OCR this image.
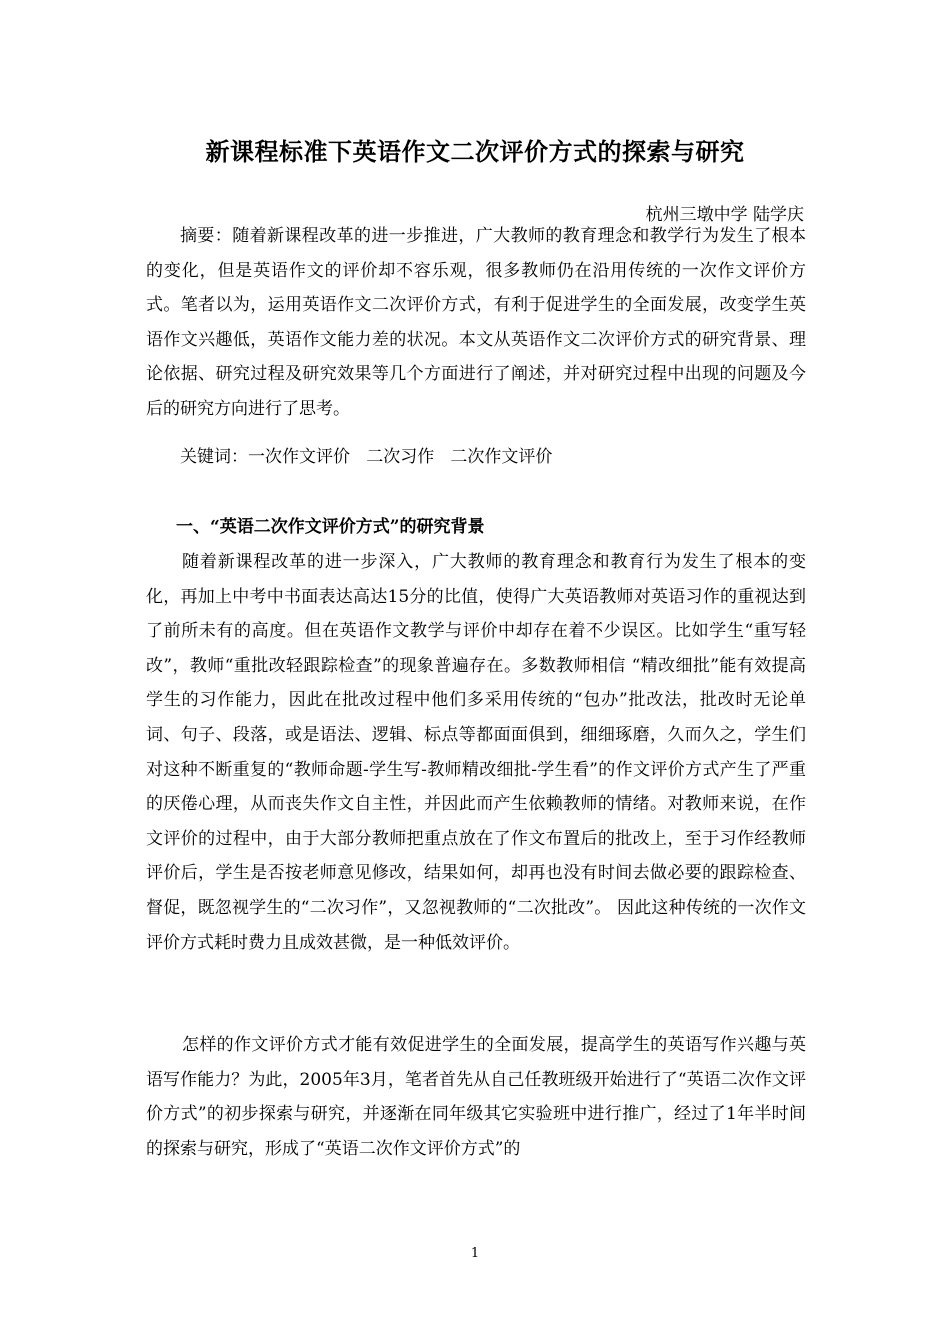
新课程标准下英语作文二次评价方式的探索与研究
杭州三墩中学 陆学庆
摘要：随着新课程改革的进一步推进，广大教师的教育理念和教学行为发生了根本的变化，但是英语作文的评价却不容乐观，很多教师仍在沿用传统的一次作文评价方式。笔者以为，运用英语作文二次评价方式，有利于促进学生的全面发展，改变学生英语作文兴趣低，英语作文能力差的状况。本文从英语作文二次评价方式的研究背景、理论依据、研究过程及研究效果等几个方面进行了阐述，并对研究过程中出现的问题及今后的研究方向进行了思考。
关键词：一次作文评价   二次习作   二次作文评价
一、“英语二次作文评价方式”的研究背景
随着新课程改革的进一步深入，广大教师的教育理念和教育行为发生了根本的变化，再加上中考中书面表达高达15分的比值，使得广大英语教师对英语习作的重视达到了前所未有的高度。但在英语作文教学与评价中却存在着不少误区。比如学生“重写轻改”，教师“重批改轻跟踪检查”的现象普遍存在。多数教师相信 “精改细批”能有效提高学生的习作能力，因此在批改过程中他们多采用传统的“包办”批改法，批改时无论单词、句子、段落，或是语法、逻辑、标点等都面面俱到，细细琢磨，久而久之，学生们对这种不断重复的“教师命题-学生写-教师精改细批-学生看”的作文评价方式产生了严重的厌倦心理，从而丧失作文自主性，并因此而产生依赖教师的情绪。对教师来说，在作文评价的过程中，由于大部分教师把重点放在了作文布置后的批改上，至于习作经教师评价后，学生是否按老师意见修改，结果如何，却再也没有时间去做必要的跟踪检查、督促，既忽视学生的“二次习作”，又忽视教师的“二次批改”。 因此这种传统的一次作文评价方式耗时费力且成效甚微，是一种低效评价。
怎样的作文评价方式才能有效促进学生的全面发展，提高学生的英语写作兴趣与英语写作能力？为此，2005年3月，笔者首先从自己任教班级开始进行了“英语二次作文评价方式”的初步探索与研究，并逐渐在同年级其它实验班中进行推广，经过了1年半时间的探索与研究，形成了“英语二次作文评价方式”的
1
